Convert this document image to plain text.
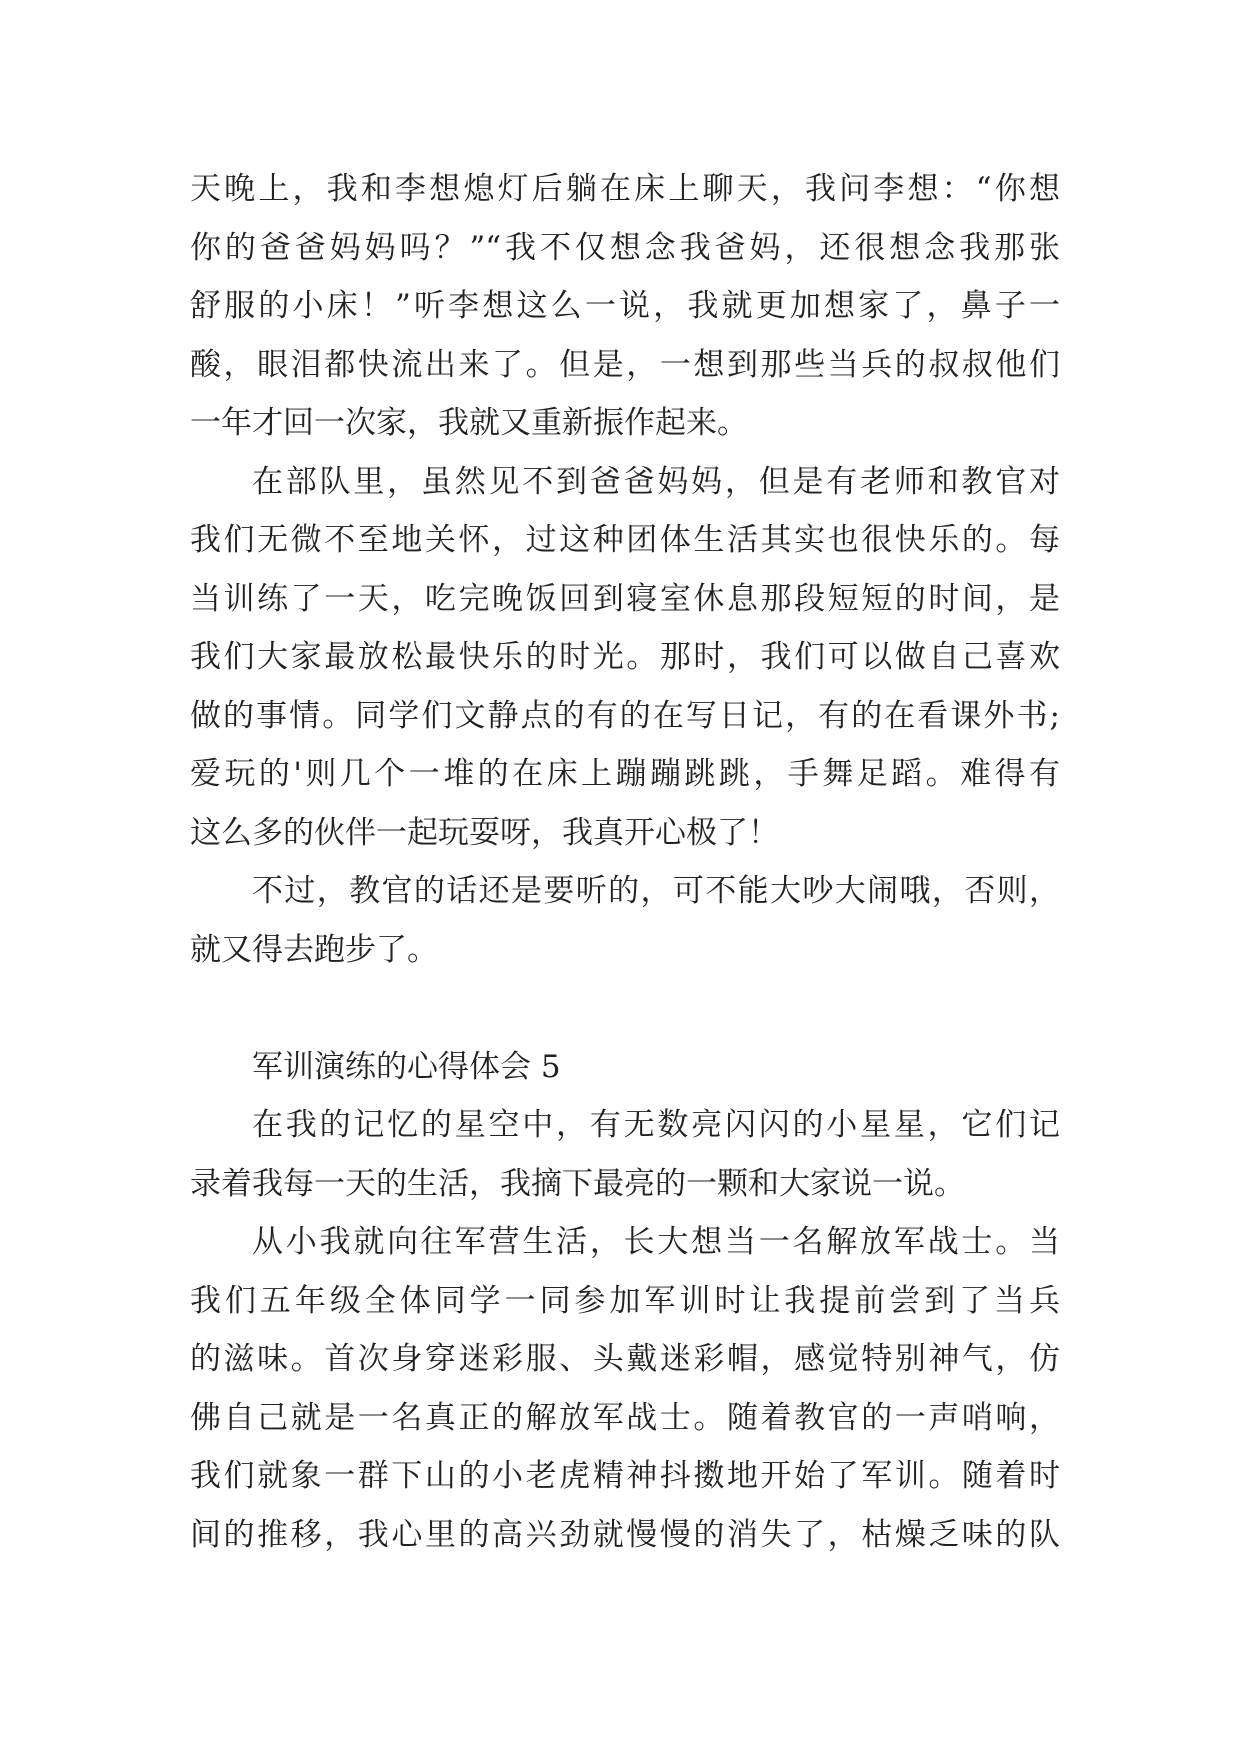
天晚上，我和李想熄灯后躺在床上聊天，我问李想：“你想
你的爸爸妈妈吗？”“我不仅想念我爸妈，还很想念我那张
舒服的小床！”听李想这么一说，我就更加想家了，鼻子一
酸，眼泪都快流出来了。但是，一想到那些当兵的叔叔他们
一年才回一次家，我就又重新振作起来。
在部队里，虽然见不到爸爸妈妈，但是有老师和教官对
我们无微不至地关怀，过这种团体生活其实也很快乐的。每
当训练了一天，吃完晚饭回到寝室休息那段短短的时间，是
我们大家最放松最快乐的时光。那时，我们可以做自己喜欢
做的事情。同学们文静点的有的在写日记，有的在看课外书;
爱玩的'则几个一堆的在床上蹦蹦跳跳，手舞足蹈。难得有
这么多的伙伴一起玩耍呀，我真开心极了！
不过，教官的话还是要听的，可不能大吵大闹哦，否则，
就又得去跑步了。
军训演练的心得体会 5
在我的记忆的星空中，有无数亮闪闪的小星星，它们记
录着我每一天的生活，我摘下最亮的一颗和大家说一说。
从小我就向往军营生活，长大想当一名解放军战士。当
我们五年级全体同学一同参加军训时让我提前尝到了当兵
的滋味。首次身穿迷彩服、头戴迷彩帽，感觉特别神气，仿
佛自己就是一名真正的解放军战士。随着教官的一声哨响，
我们就象一群下山的小老虎精神抖擞地开始了军训。随着时
间的推移，我心里的高兴劲就慢慢的消失了，枯燥乏味的队
